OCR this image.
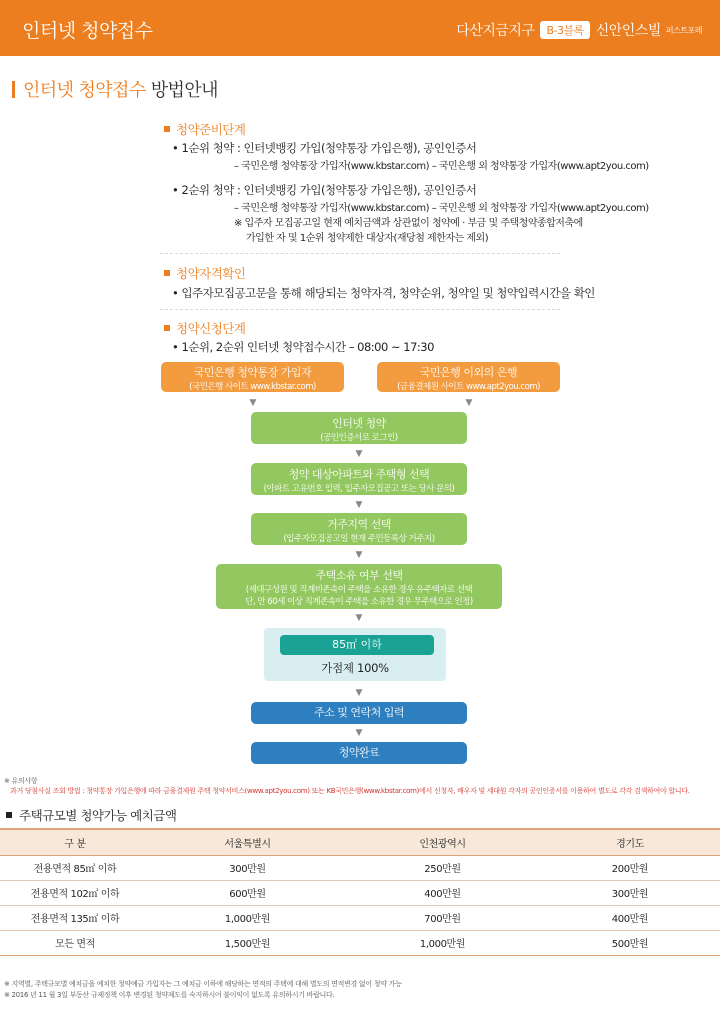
인터넷 청약접수	다산지금지구	B-3블록 신안인스빌 퍼스트포레
인터넷 청약접수 방법안내
청약준비단계
• 1순위 청약 : 인터넷뱅킹 가입(청약통장 가입은행), 공인인증서
– 국민은행 청약통장 가입자(www.kbstar.com) – 국민은행 외 청약통장 가입자(www.apt2you.com)
• 2순위 청약 : 인터넷뱅킹 가입(청약통장 가입은행), 공인인증서
– 국민은행 청약통장 가입자(www.kbstar.com) – 국민은행 외 청약통장 가입자(www.apt2you.com)
※ 입주자 모집공고일 현재 예치금액과 상관없이 청약예 · 부금 및 주택청약종합저축에
가입한 자 및 1순위 청약제한 대상자(재당첨 제한자는 제외)
청약자격확인
• 입주자모집공고문을 통해 해당되는 청약자격, 청약순위, 청약일 및 청약입력시간을 확인
청약신청단계
• 1순위, 2순위 인터넷 청약접수시간 – 08:00 ~ 17:30
국민은행 청약통장 가입자
(국민은행 사이트 www.kbstar.com)
국민은행 이외의 은행
(금융결제원 사이트 www.apt2you.com)
▼	▼
인터넷 청약
(공인인증서로 로그인)
▼
청약 대상아파트와 주택형 선택
(아파트 고유번호 입력, 입주자모집공고 또는 당사 문의)
▼
거주지역 선택
(입주자모집공고일 현재 주민등록상 거주지)
▼
주택소유 여부 선택
(세대구성원 및 직계비존속이 주택을 소유한 경우 유주택자로 선택
단, 만 60세 이상 직계존속이 주택을 소유한 경우 무주택으로 인정)
▼
85㎡ 이하
가점제 100%
▼
주소 및 연락처 입력
▼
청약완료
※ 유의사항
과거 당첨사실 조회 방법 : 청약통장 가입은행에 따라 금융결제원 주택 청약서비스(www.apt2you.com) 또는 KB국민은행(www.kbstar.com)에서 신청자, 배우자 및 세대원 각자의 공인인증서를 이용하여 별도로 각각 검색하여야 합니다.
주택규모별 청약가능 예치금액
구 분	서울특별시	인천광역시	경기도
전용면적 85㎡ 이하	300만원	250만원	200만원
전용면적 102㎡ 이하	600만원	400만원	300만원
전용면적 135㎡ 이하	1,000만원	700만원	400만원
모든 면적	1,500만원	1,000만원	500만원
※ 지역별, 주택규모별 예치금을 예치한 청약예금 가입자는 그 예치금 이하에 해당하는 면적의 주택에 대해 별도의 면적변경 없이 청약 가능
※ 2016 년 11 월 3일 부동산 규제정책 이후 변경된 청약제도를 숙지하시어 불이익이 없도록 유의하시기 바랍니다.
